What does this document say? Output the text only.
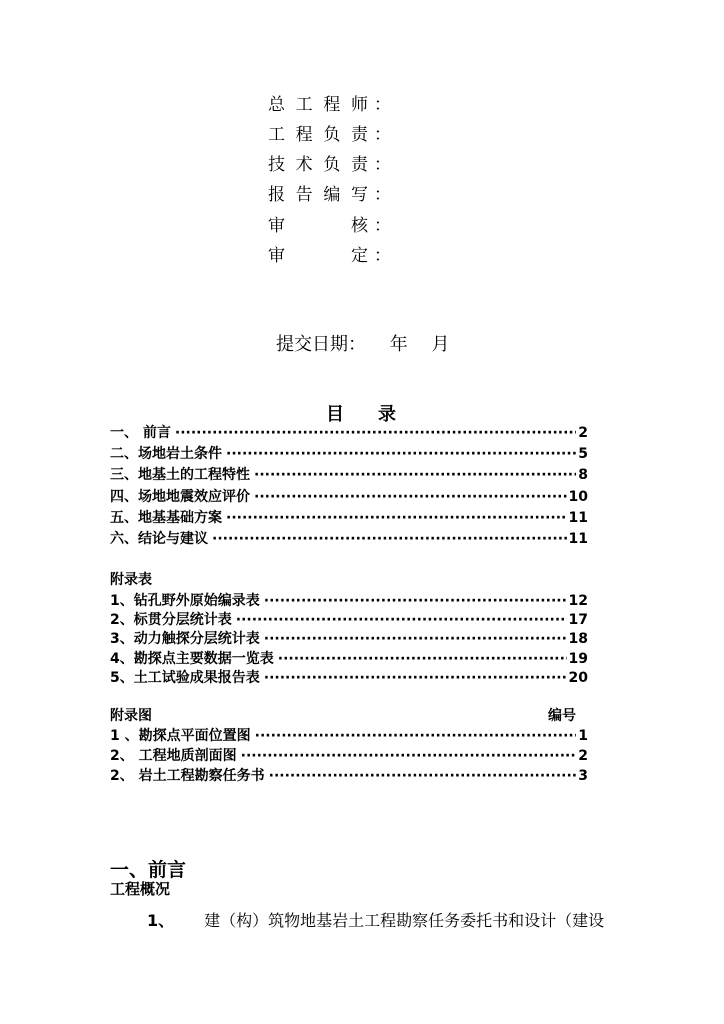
总工程师 ：
工程负责 ：
技术负责 ：
报告编写 ：
审核 ：
审定 ：
提交日期： 年 月
目录
一、 前言 ·····	2
二、场地岩土条件 ·····	5
三、地基土的工程特性 ·····	8
四、场地地震效应评价 ·····	10
五、地基基础方案 ·····	11
六、结论与建议 ·····	11
附录表
1、钻孔野外原始编录表 ·····	12
2、标贯分层统计表 ·····	17
3、动力触探分层统计表 ·····	18
4、勘探点主要数据一览表 ·····	19
5、土工试验成果报告表 ·····	20
附录图	编号
1 、勘探点平面位置图 ·····	1
2、 工程地质剖面图 ·····	2
2、 岩土工程勘察任务书 ·····	3
一、前言
工程概况
1、 建（构）筑物地基岩土工程勘察任务委托书和设计（建设
